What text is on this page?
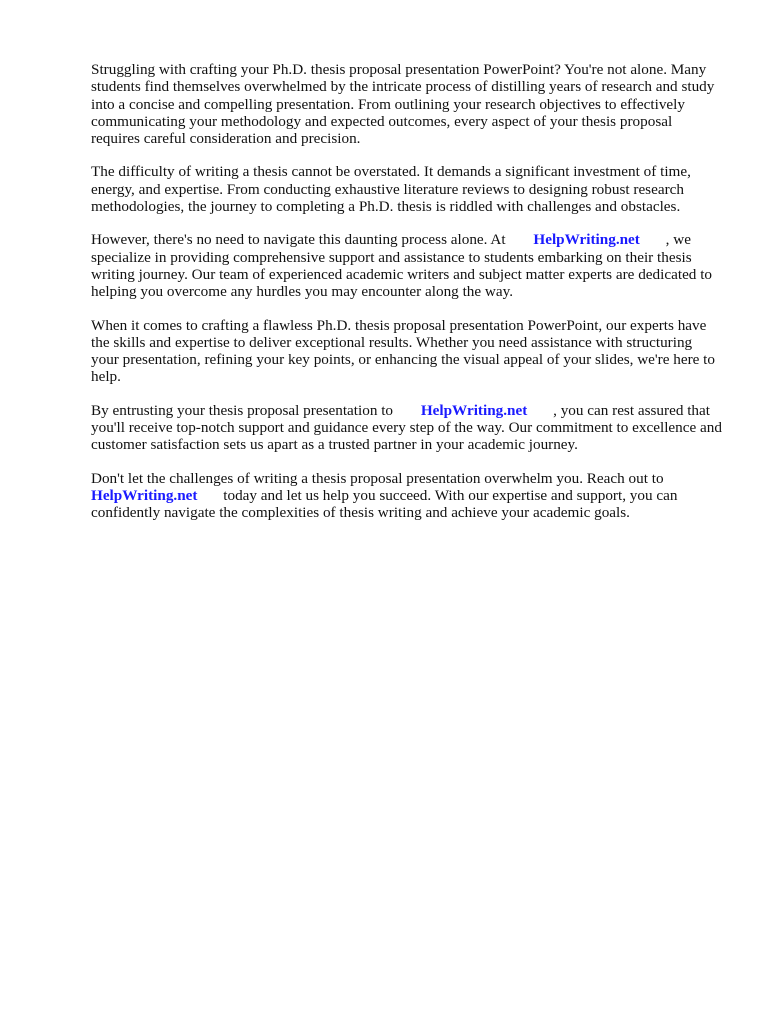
Struggling with crafting your Ph.D. thesis proposal presentation PowerPoint? You're not alone. Many students find themselves overwhelmed by the intricate process of distilling years of research and study into a concise and compelling presentation. From outlining your research objectives to effectively communicating your methodology and expected outcomes, every aspect of your thesis proposal requires careful consideration and precision.

The difficulty of writing a thesis cannot be overstated. It demands a significant investment of time, energy, and expertise. From conducting exhaustive literature reviews to designing robust research methodologies, the journey to completing a Ph.D. thesis is riddled with challenges and obstacles.

However, there's no need to navigate this daunting process alone. At HelpWriting.net , we specialize in providing comprehensive support and assistance to students embarking on their thesis writing journey. Our team of experienced academic writers and subject matter experts are dedicated to helping you overcome any hurdles you may encounter along the way.

When it comes to crafting a flawless Ph.D. thesis proposal presentation PowerPoint, our experts have the skills and expertise to deliver exceptional results. Whether you need assistance with structuring your presentation, refining your key points, or enhancing the visual appeal of your slides, we're here to help.

By entrusting your thesis proposal presentation to HelpWriting.net , you can rest assured that you'll receive top-notch support and guidance every step of the way. Our commitment to excellence and customer satisfaction sets us apart as a trusted partner in your academic journey.

Don't let the challenges of writing a thesis proposal presentation overwhelm you. Reach out to HelpWriting.net today and let us help you succeed. With our expertise and support, you can confidently navigate the complexities of thesis writing and achieve your academic goals.
